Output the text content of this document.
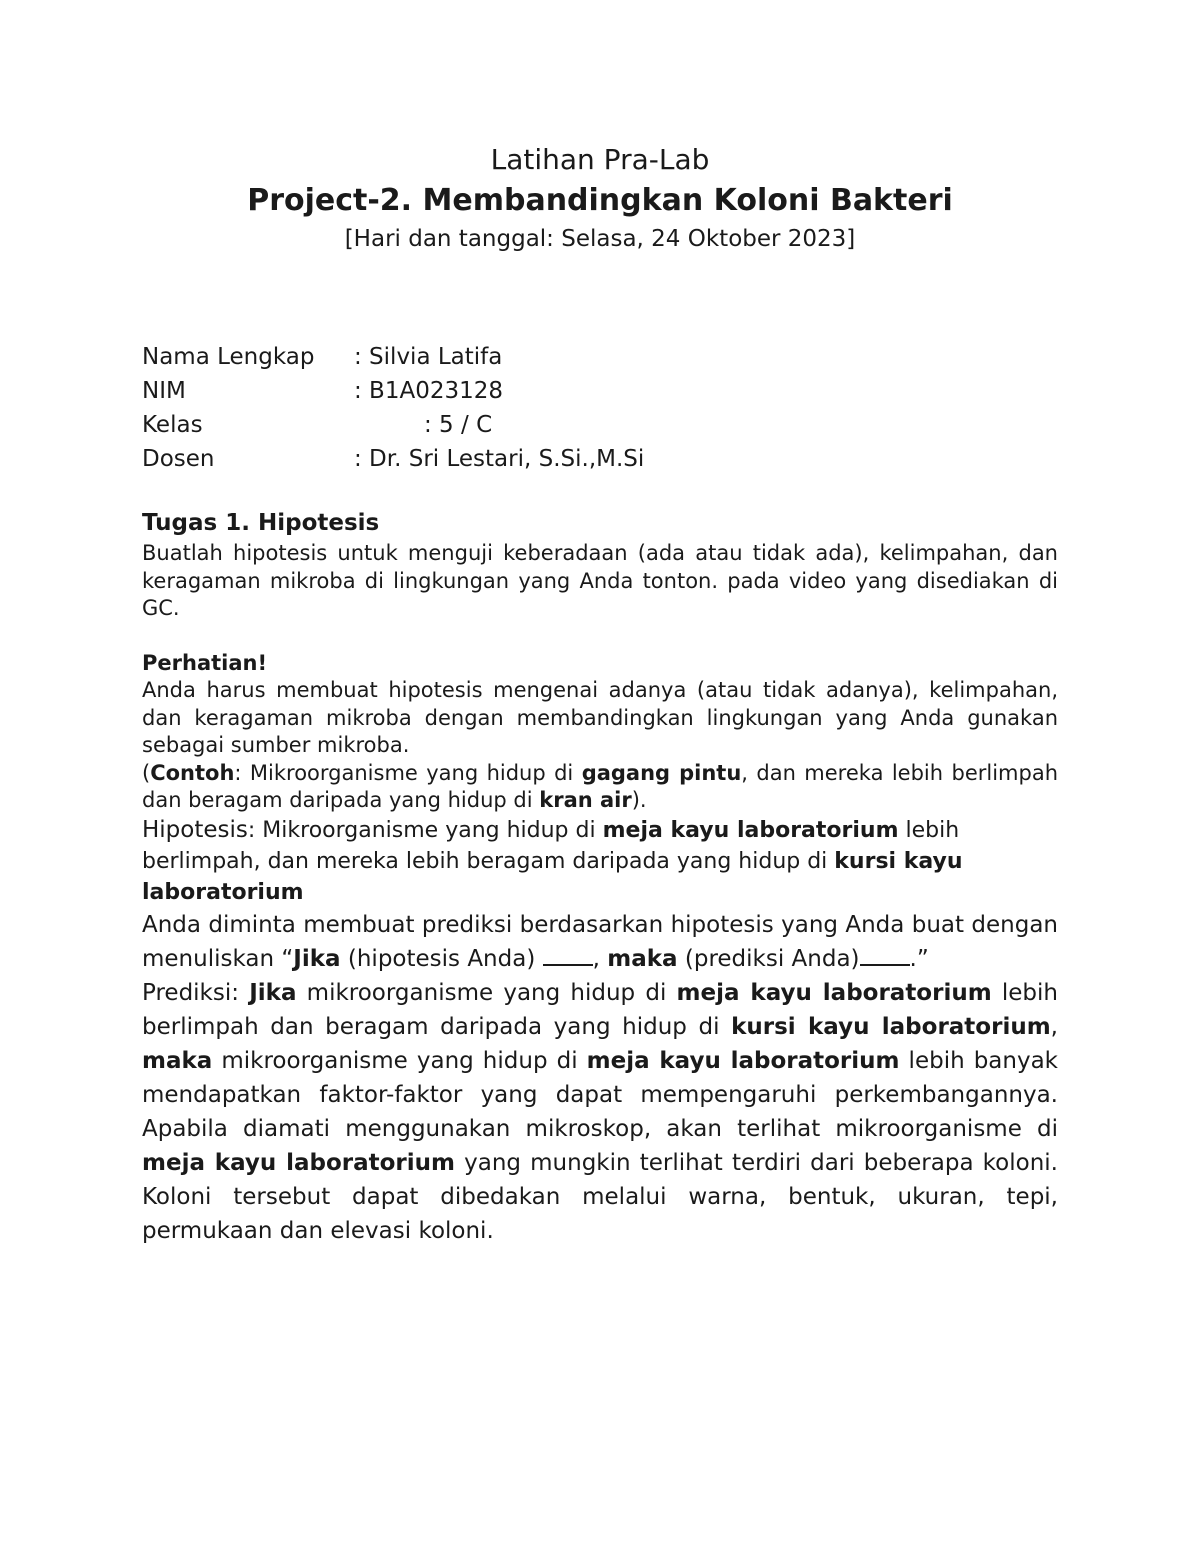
Latihan Pra-Lab

Project-2. Membandingkan Koloni Bakteri

[Hari dan tanggal: Selasa, 24 Oktober 2023]

Nama Lengkap : Silvia Latifa
NIM	: B1A023128
Kelas	: 5 / C
Dosen	: Dr. Sri Lestari, S.Si.,M.Si
Tugas 1. Hipotesis

Buatlah hipotesis untuk menguji keberadaan (ada atau tidak ada), kelimpahan, dan keragaman mikroba di lingkungan yang Anda tonton. pada video yang disediakan di GC.

Perhatian!

Anda harus membuat hipotesis mengenai adanya (atau tidak adanya), kelimpahan, dan keragaman mikroba dengan membandingkan lingkungan yang Anda gunakan sebagai sumber mikroba.

(Contoh: Mikroorganisme yang hidup di gagang pintu, dan mereka lebih berlimpah dan beragam daripada yang hidup di kran air).

Hipotesis: Mikroorganisme yang hidup di meja kayu laboratorium lebih berlimpah, dan mereka lebih beragam daripada yang hidup di kursi kayu laboratorium

Anda diminta membuat prediksi berdasarkan hipotesis yang Anda buat dengan menuliskan “Jika (hipotesis Anda) , maka (prediksi Anda) .”

Prediksi: Jika mikroorganisme yang hidup di meja kayu laboratorium lebih berlimpah dan beragam daripada yang hidup di kursi kayu laboratorium, maka mikroorganisme yang hidup di meja kayu laboratorium lebih banyak mendapatkan faktor-faktor yang dapat mempengaruhi perkembangannya. Apabila diamati menggunakan mikroskop, akan terlihat mikroorganisme di meja kayu laboratorium yang mungkin terlihat terdiri dari beberapa koloni. Koloni tersebut dapat dibedakan melalui warna, bentuk, ukuran, tepi, permukaan dan elevasi koloni.
